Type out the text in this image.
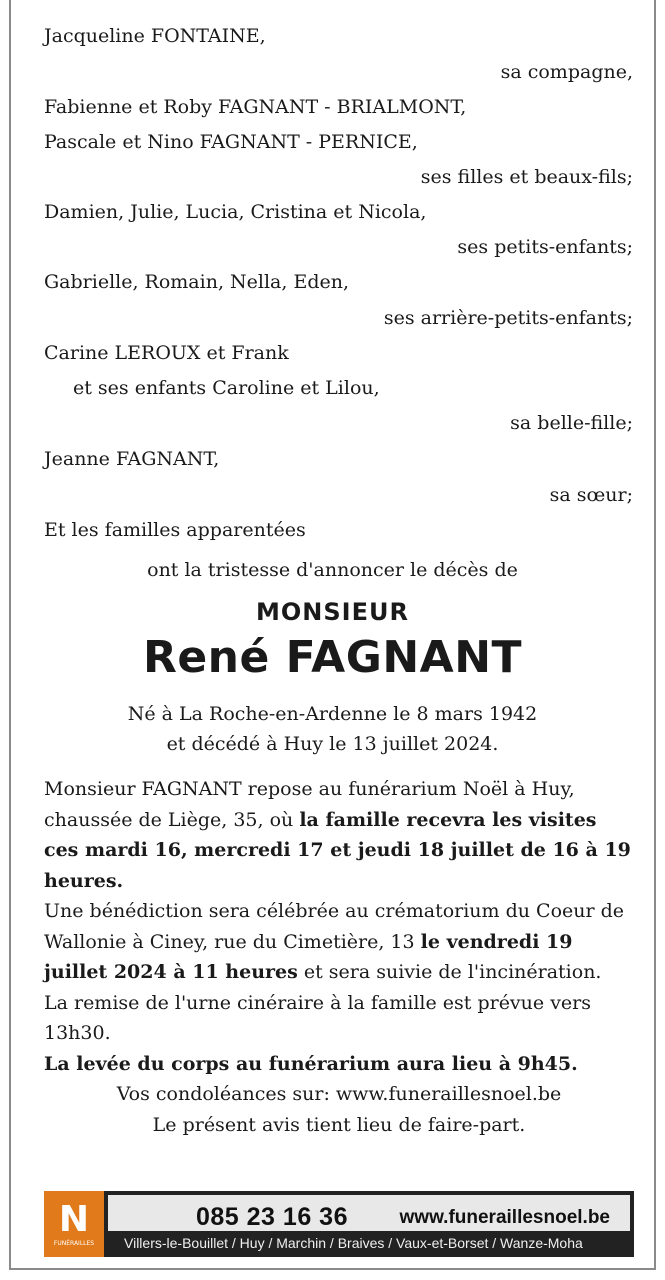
Jacqueline FONTAINE,
sa compagne,
Fabienne et Roby FAGNANT - BRIALMONT,
Pascale et Nino FAGNANT - PERNICE,
ses filles et beaux-fils;
Damien, Julie, Lucia, Cristina et Nicola,
ses petits-enfants;
Gabrielle, Romain, Nella, Eden,
ses arrière-petits-enfants;
Carine LEROUX et Frank
et ses enfants Caroline et Lilou,
sa belle-fille;
Jeanne FAGNANT,
sa sœur;
Et les familles apparentées
ont la tristesse d'annoncer le décès de
MONSIEUR
René FAGNANT
Né à La Roche-en-Ardenne le 8 mars 1942
et décédé à Huy le 13 juillet 2024.

Monsieur FAGNANT repose au funérarium Noël à Huy, chaussée de Liège, 35, où la famille recevra les visites ces mardi 16, mercredi 17 et jeudi 18 juillet de 16 à 19 heures.

Une bénédiction sera célébrée au crématorium du Coeur de Wallonie à Ciney, rue du Cimetière, 13 le vendredi 19 juillet 2024 à 11 heures et sera suivie de l'incinération.

La remise de l'urne cinéraire à la famille est prévue vers 13h30.

La levée du corps au funérarium aura lieu à 9h45.

Vos condoléances sur: www.funeraillesnoel.be

Le présent avis tient lieu de faire-part.

N
FUNÉRAILLES
085 23 16 36	www.funeraillesnoel.be
Villers-le-Bouillet / Huy / Marchin / Braives / Vaux-et-Borset / Wanze-Moha
